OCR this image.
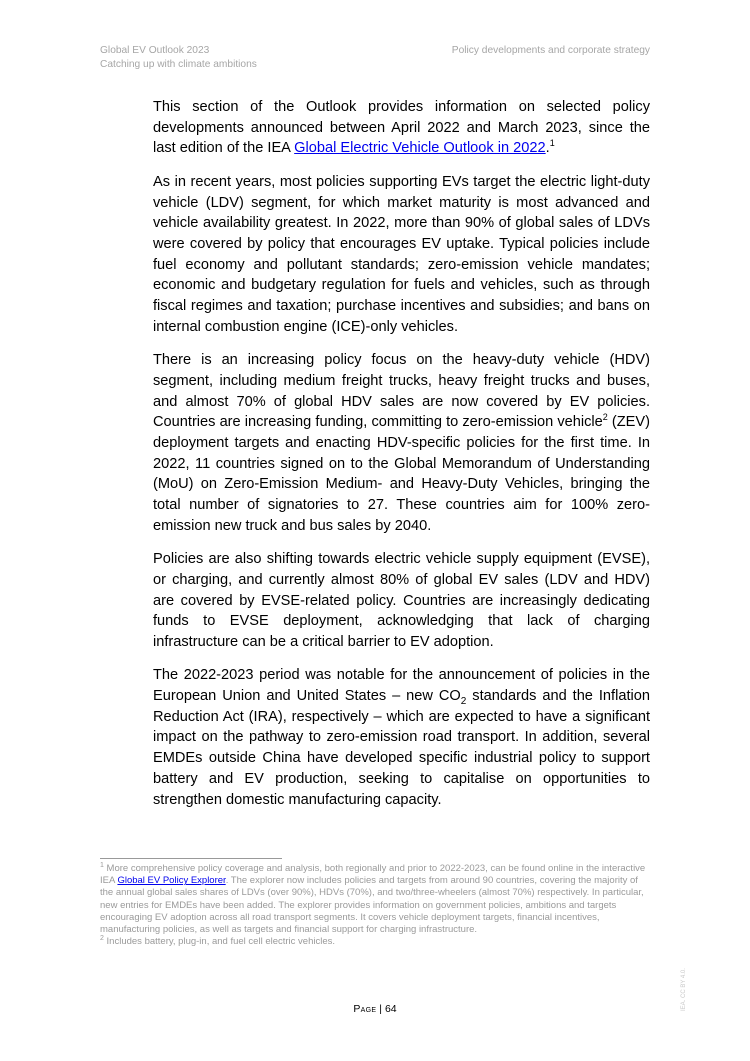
Global EV Outlook 2023
Catching up with climate ambitions
Policy developments and corporate strategy

This section of the Outlook provides information on selected policy developments announced between April 2022 and March 2023, since the last edition of the IEA Global Electric Vehicle Outlook in 2022.$^1$

As in recent years, most policies supporting EVs target the electric light-duty vehicle (LDV) segment, for which market maturity is most advanced and vehicle availability greatest. In 2022, more than 90% of global sales of LDVs were covered by policy that encourages EV uptake. Typical policies include fuel economy and pollutant standards; zero-emission vehicle mandates; economic and budgetary regulation for fuels and vehicles, such as through fiscal regimes and taxation; purchase incentives and subsidies; and bans on internal combustion engine (ICE)-only vehicles.

There is an increasing policy focus on the heavy-duty vehicle (HDV) segment, including medium freight trucks, heavy freight trucks and buses, and almost 70% of global HDV sales are now covered by EV policies. Countries are increasing funding, committing to zero-emission vehicle$^2$ (ZEV) deployment targets and enacting HDV-specific policies for the first time. In 2022, 11 countries signed on to the Global Memorandum of Understanding (MoU) on Zero-Emission Medium- and Heavy-Duty Vehicles, bringing the total number of signatories to 27. These countries aim for 100% zero-emission new truck and bus sales by 2040.

Policies are also shifting towards electric vehicle supply equipment (EVSE), or charging, and currently almost 80% of global EV sales (LDV and HDV) are covered by EVSE-related policy. Countries are increasingly dedicating funds to EVSE deployment, acknowledging that lack of charging infrastructure can be a critical barrier to EV adoption.

The 2022-2023 period was notable for the announcement of policies in the European Union and United States – new $CO_2$ standards and the Inflation Reduction Act (IRA), respectively – which are expected to have a significant impact on the pathway to zero-emission road transport. In addition, several EMDEs outside China have developed specific industrial policy to support battery and EV production, seeking to capitalise on opportunities to strengthen domestic manufacturing capacity.

$^1$ More comprehensive policy coverage and analysis, both regionally and prior to 2022-2023, can be found online in the interactive IEA Global EV Policy Explorer. The explorer now includes policies and targets from around 90 countries, covering the majority of the annual global sales shares of LDVs (over 90%), HDVs (70%), and two/three-wheelers (almost 70%) respectively. In particular, new entries for EMDEs have been added. The explorer provides information on government policies, ambitions and targets encouraging EV adoption across all road transport segments. It covers vehicle deployment targets, financial incentives, manufacturing policies, as well as targets and financial support for charging infrastructure.

$^2$ Includes battery, plug-in, and fuel cell electric vehicles.

Page | 64	IEA. CC BY 4.0.
